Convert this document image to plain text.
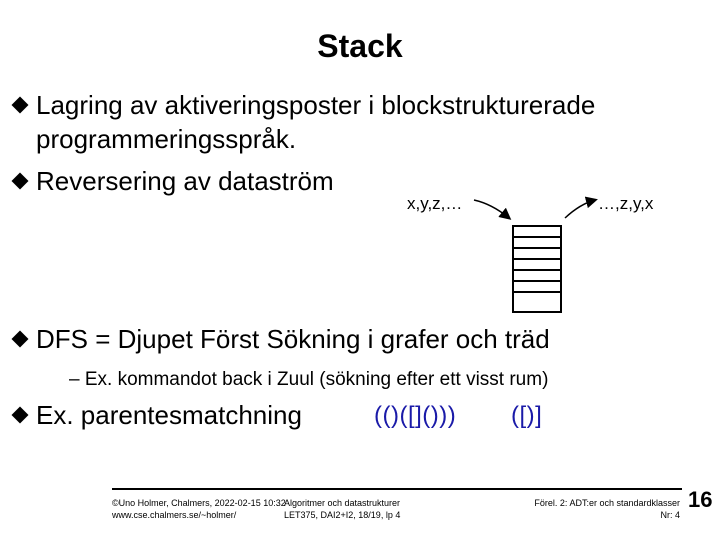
Stack
Lagring av aktiveringsposter i blockstrukturerade
programmeringsspråk.
Reversering av dataström
x,y,z,…	…,z,y,x
DFS = Djupet Först Sökning i grafer och träd
– Ex. kommandot back i Zuul (sökning efter ett visst rum)
Ex. parentesmatchning	(()([]())) ([)]
©Uno Holmer, Chalmers, 2022-02-15 10:32
www.cse.chalmers.se/~holmer/
Algoritmer och datastrukturer
LET375, DAI2+I2, 18/19, lp 4
Förel. 2: ADT:er och standardklasser
Nr: 4
16
